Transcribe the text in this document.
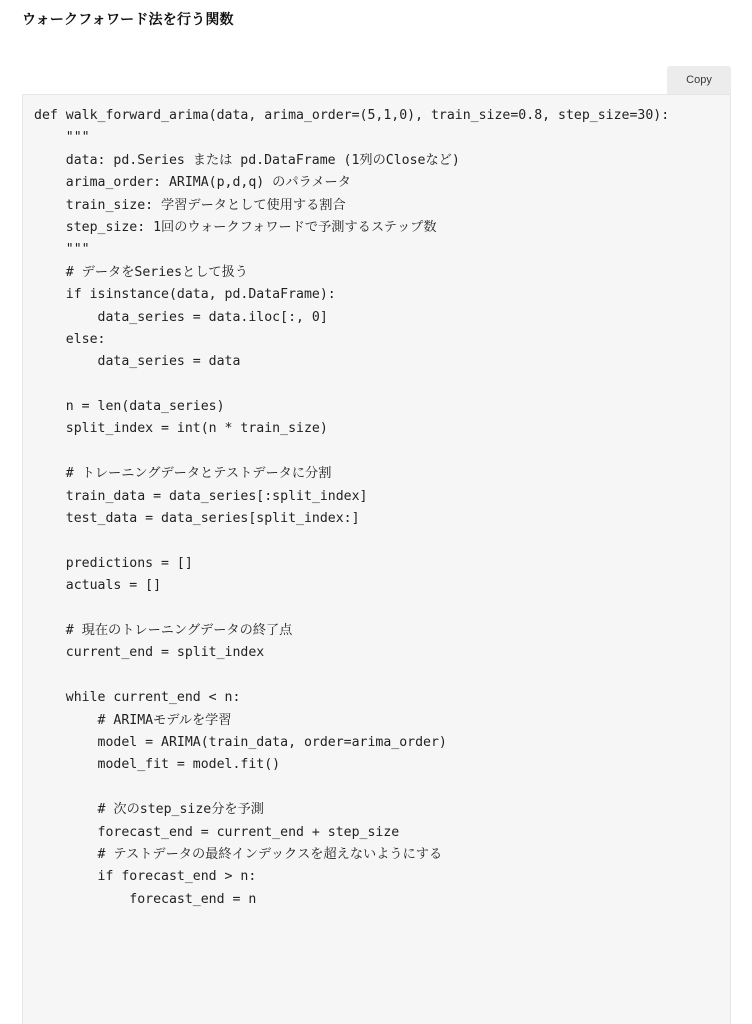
ウォークフォワード法を行う関数
Copy
def walk_forward_arima(data, arima_order=(5,1,0), train_size=0.8, step_size=30):
"""
data: pd.Series または pd.DataFrame (1列のCloseなど)
arima_order: ARIMA(p,d,q) のパラメータ
train_size: 学習データとして使用する割合
step_size: 1回のウォークフォワードで予測するステップ数
"""
# データをSeriesとして扱う
if isinstance(data, pd.DataFrame):
data_series = data.iloc[:, 0]
else:
data_series = data
n = len(data_series)
split_index = int(n * train_size)
# トレーニングデータとテストデータに分割
train_data = data_series[:split_index]
test_data = data_series[split_index:]
predictions = []
actuals = []
# 現在のトレーニングデータの終了点
current_end = split_index
while current_end < n:
# ARIMAモデルを学習
model = ARIMA(train_data, order=arima_order)
model_fit = model.fit()
# 次のstep_size分を予測
forecast_end = current_end + step_size
# テストデータの最終インデックスを超えないようにする
if forecast_end > n:
forecast_end = n
